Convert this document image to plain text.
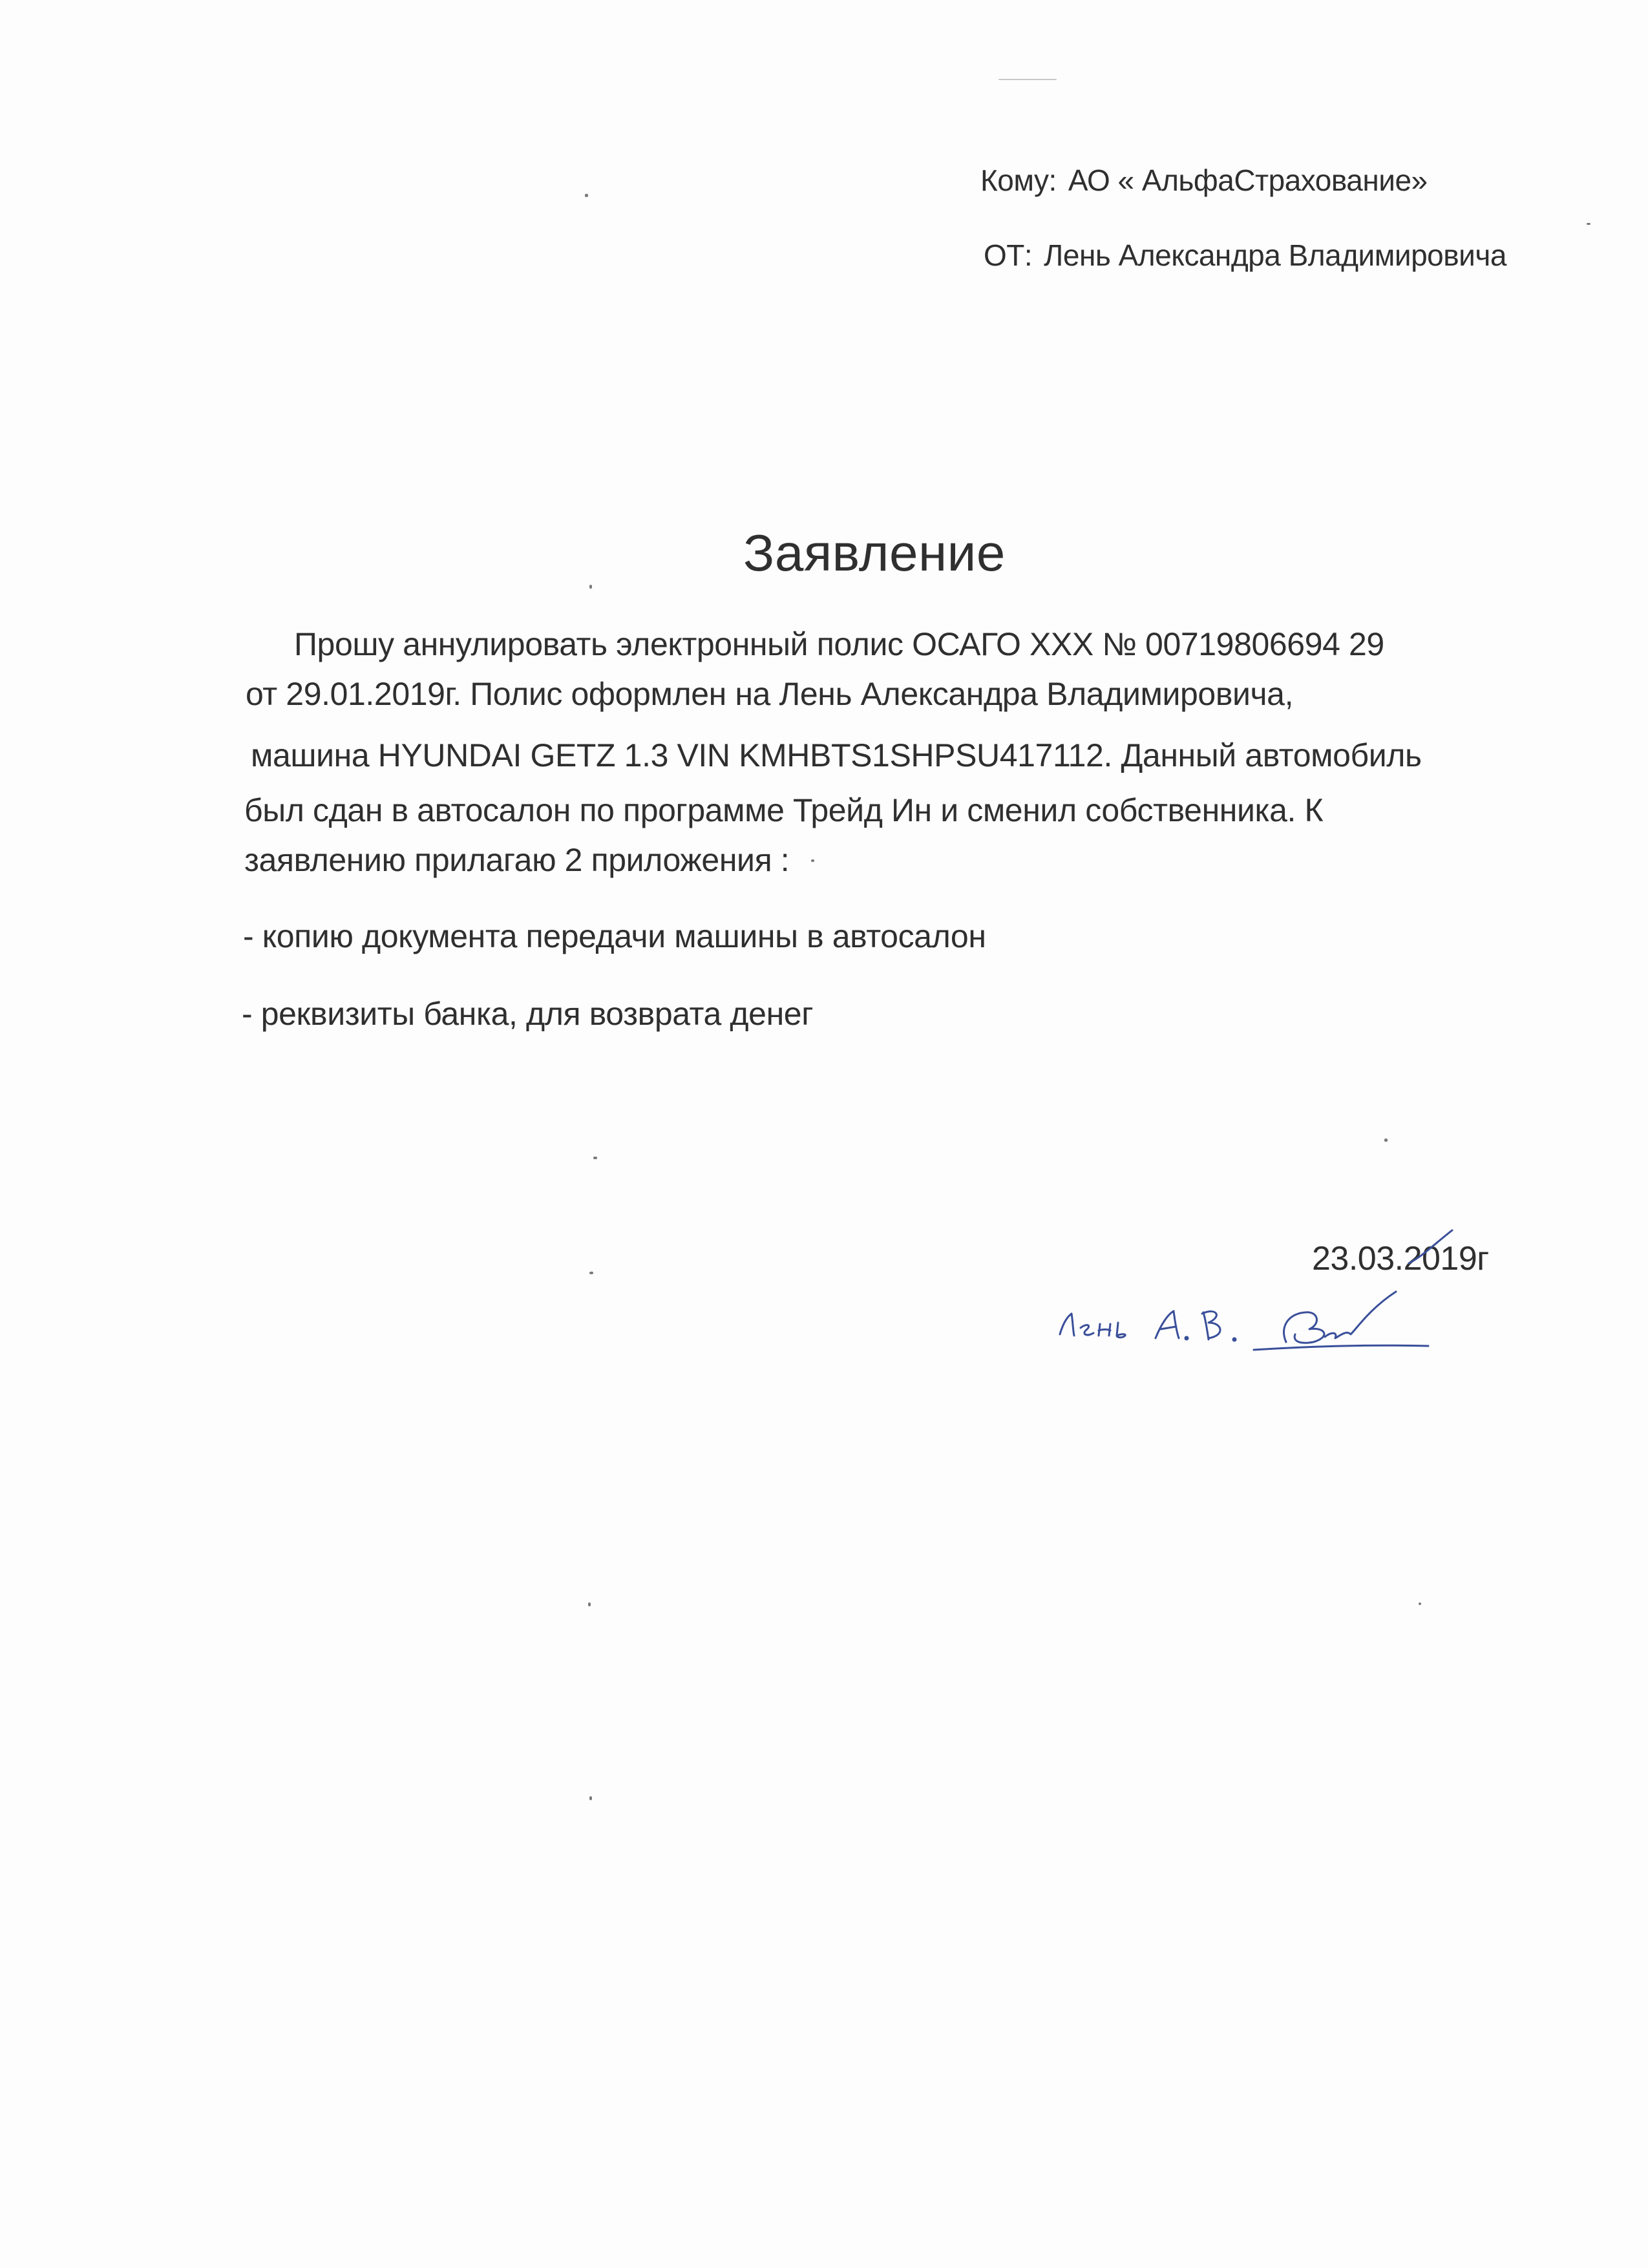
Кому: АО « АльфаСтрахование»
ОТ: Лень Александра Владимировича
Заявление
Прошу аннулировать электронный полис ОСАГО ХХХ № 00719806694 29
от 29.01.2019г. Полис оформлен на Лень Александра Владимировича,
машина HYUNDAI GETZ 1.3 VIN KMHBTS1SHPSU417112. Данный автомобиль
был сдан в автосалон по программе Трейд Ин и сменил собственника. К
заявлению прилагаю 2 приложения :
- копию документа передачи машины в автосалон
- реквизиты банка, для возврата денег
23.03.2019г
